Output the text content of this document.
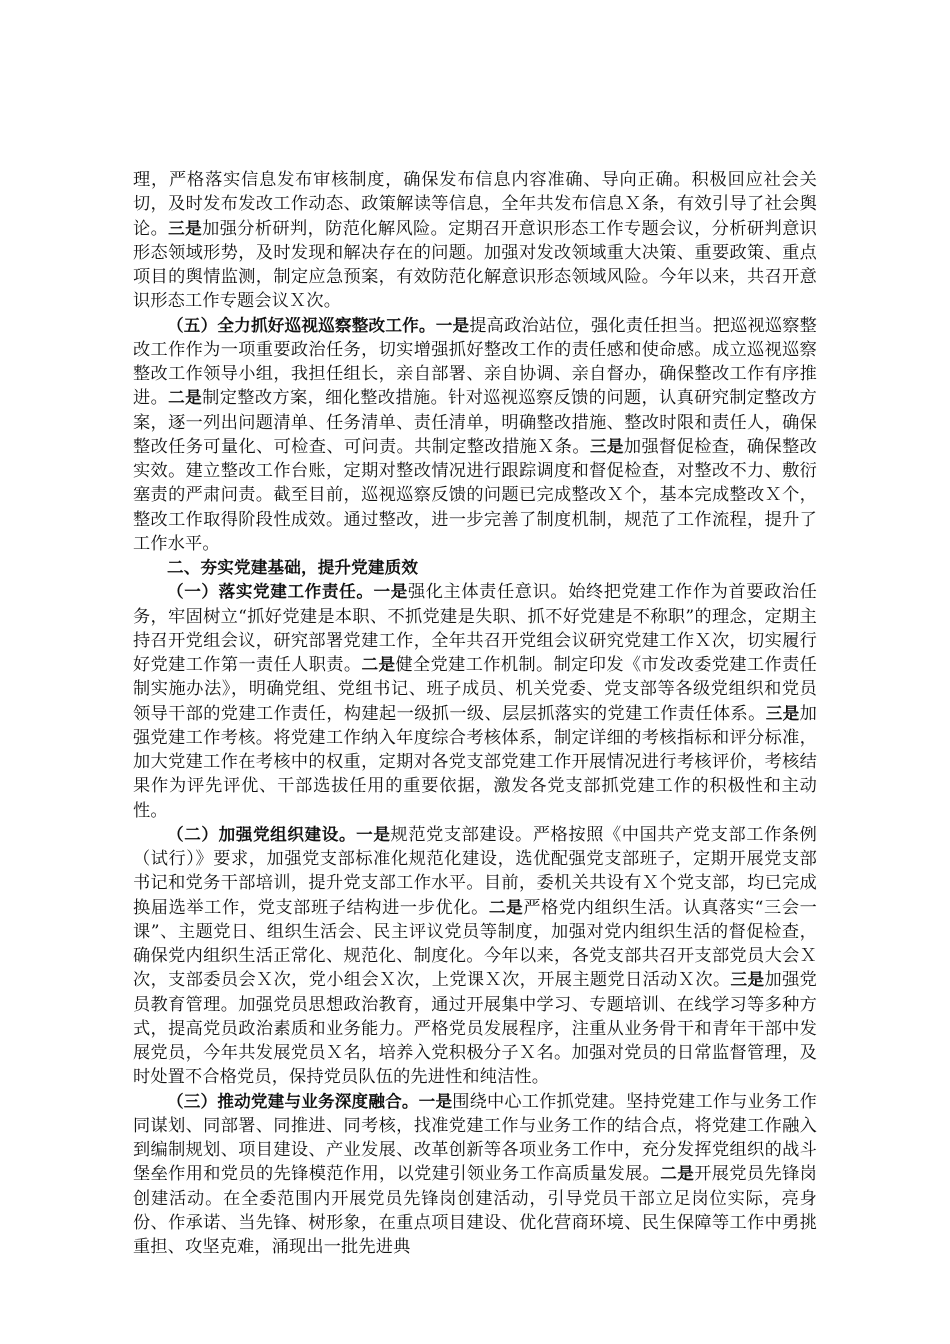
理，严格落实信息发布审核制度，确保发布信息内容准确、导向正确。积极回应社会关切，及时发布发改工作动态、政策解读等信息，全年共发布信息Ｘ条，有效引导了社会舆论。三是加强分析研判，防范化解风险。定期召开意识形态工作专题会议，分析研判意识形态领域形势，及时发现和解决存在的问题。加强对发改领域重大决策、重要政策、重点项目的舆情监测，制定应急预案，有效防范化解意识形态领域风险。今年以来，共召开意识形态工作专题会议Ｘ次。

（五）全力抓好巡视巡察整改工作。一是提高政治站位，强化责任担当。把巡视巡察整改工作作为一项重要政治任务，切实增强抓好整改工作的责任感和使命感。成立巡视巡察整改工作领导小组，我担任组长，亲自部署、亲自协调、亲自督办，确保整改工作有序推进。二是制定整改方案，细化整改措施。针对巡视巡察反馈的问题，认真研究制定整改方案，逐一列出问题清单、任务清单、责任清单，明确整改措施、整改时限和责任人，确保整改任务可量化、可检查、可问责。共制定整改措施Ｘ条。三是加强督促检查，确保整改实效。建立整改工作台账，定期对整改情况进行跟踪调度和督促检查，对整改不力、敷衍塞责的严肃问责。截至目前，巡视巡察反馈的问题已完成整改Ｘ个，基本完成整改Ｘ个，整改工作取得阶段性成效。通过整改，进一步完善了制度机制，规范了工作流程，提升了工作水平。

二、夯实党建基础，提升党建质效

（一）落实党建工作责任。一是强化主体责任意识。始终把党建工作作为首要政治任务，牢固树立“抓好党建是本职、不抓党建是失职、抓不好党建是不称职”的理念，定期主持召开党组会议，研究部署党建工作，全年共召开党组会议研究党建工作Ｘ次，切实履行好党建工作第一责任人职责。二是健全党建工作机制。制定印发《市发改委党建工作责任制实施办法》，明确党组、党组书记、班子成员、机关党委、党支部等各级党组织和党员领导干部的党建工作责任，构建起一级抓一级、层层抓落实的党建工作责任体系。三是加强党建工作考核。将党建工作纳入年度综合考核体系，制定详细的考核指标和评分标准，加大党建工作在考核中的权重，定期对各党支部党建工作开展情况进行考核评价，考核结果作为评先评优、干部选拔任用的重要依据，激发各党支部抓党建工作的积极性和主动性。

（二）加强党组织建设。一是规范党支部建设。严格按照《中国共产党支部工作条例（试行）》要求，加强党支部标准化规范化建设，选优配强党支部班子，定期开展党支部书记和党务干部培训，提升党支部工作水平。目前，委机关共设有Ｘ个党支部，均已完成换届选举工作，党支部班子结构进一步优化。二是严格党内组织生活。认真落实“三会一课”、主题党日、组织生活会、民主评议党员等制度，加强对党内组织生活的督促检查，确保党内组织生活正常化、规范化、制度化。今年以来，各党支部共召开支部党员大会Ｘ次，支部委员会Ｘ次，党小组会Ｘ次，上党课Ｘ次，开展主题党日活动Ｘ次。三是加强党员教育管理。加强党员思想政治教育，通过开展集中学习、专题培训、在线学习等多种方式，提高党员政治素质和业务能力。严格党员发展程序，注重从业务骨干和青年干部中发展党员，今年共发展党员Ｘ名，培养入党积极分子Ｘ名。加强对党员的日常监督管理，及时处置不合格党员，保持党员队伍的先进性和纯洁性。

（三）推动党建与业务深度融合。一是围绕中心工作抓党建。坚持党建工作与业务工作同谋划、同部署、同推进、同考核，找准党建工作与业务工作的结合点，将党建工作融入到编制规划、项目建设、产业发展、改革创新等各项业务工作中，充分发挥党组织的战斗堡垒作用和党员的先锋模范作用，以党建引领业务工作高质量发展。二是开展党员先锋岗创建活动。在全委范围内开展党员先锋岗创建活动，引导党员干部立足岗位实际，亮身份、作承诺、当先锋、树形象，在重点项目建设、优化营商环境、民生保障等工作中勇挑重担、攻坚克难，涌现出一批先进典
